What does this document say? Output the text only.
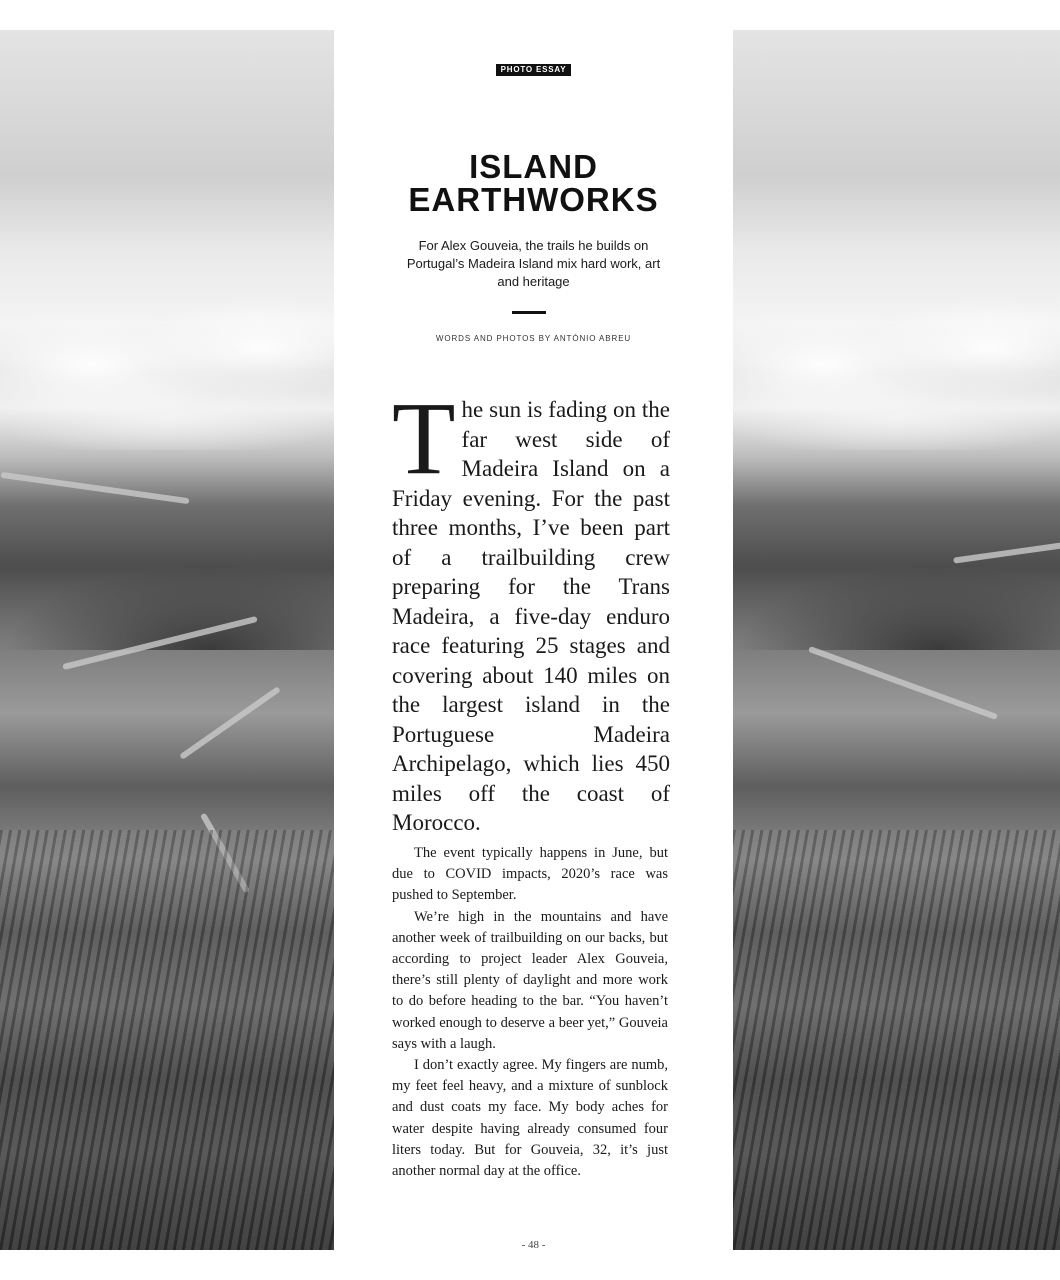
PHOTO ESSAY
ISLAND
EARTHWORKS

For Alex Gouveia, the trails he builds on Portugal’s Madeira Island mix hard work, art and heritage

WORDS AND PHOTOS BY ANTÓNIO ABREU

The sun is fading on the far west side of Madeira Island on a Friday evening. For the past three months, I’ve been part of a trailbuilding crew preparing for the Trans Madeira, a five-day enduro race featuring 25 stages and covering about 140 miles on the largest island in the Portuguese Madeira Archipelago, which lies 450 miles off the coast of Morocco.

The event typically happens in June, but due to COVID impacts, 2020’s race was pushed to September.

We’re high in the mountains and have another week of trailbuilding on our backs, but according to project leader Alex Gouveia, there’s still plenty of daylight and more work to do before heading to the bar. “You haven’t worked enough to deserve a beer yet,” Gouveia says with a laugh.

I don’t exactly agree. My fingers are numb, my feet feel heavy, and a mixture of sunblock and dust coats my face. My body aches for water despite having already consumed four liters today. But for Gouveia, 32, it’s just another normal day at the office.

- 48 -
